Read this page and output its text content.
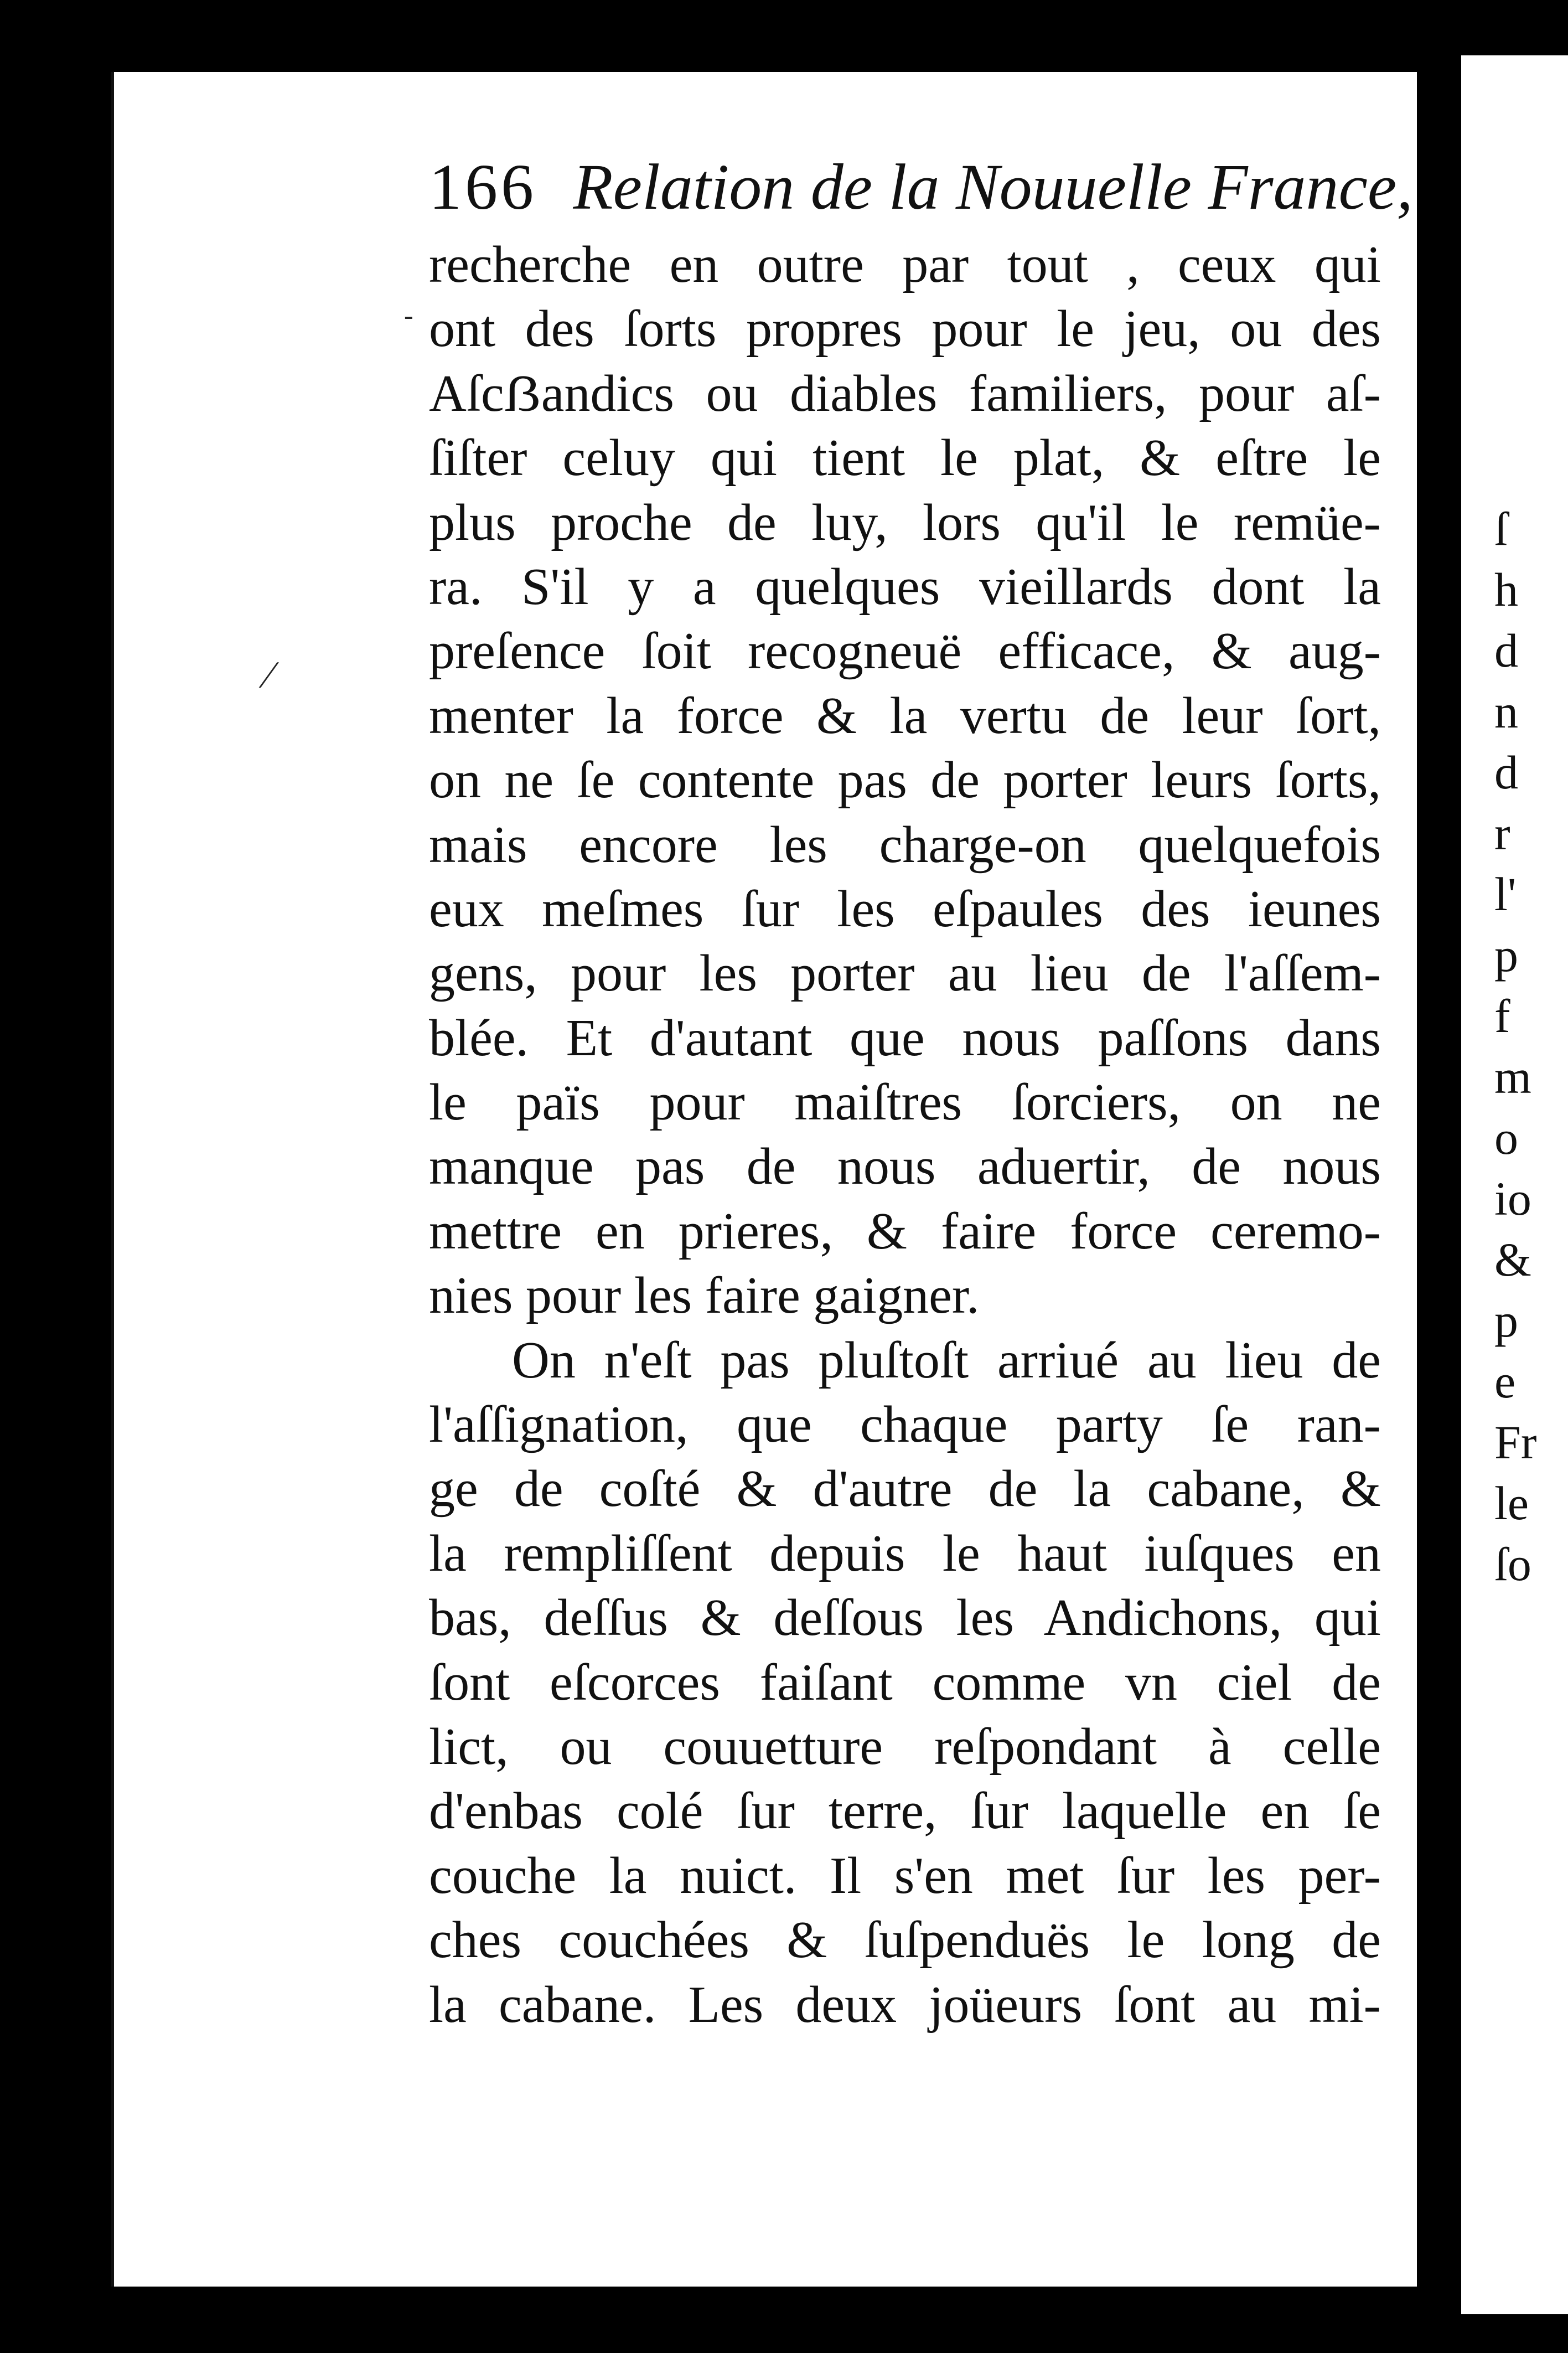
166 Relation de la Nouuelle France,
recherche en outre par tout , ceux qui
ont des ſorts propres pour le jeu, ou des
Aſcẞandics ou diables familiers, pour aſ-
ſiſter celuy qui tient le plat, & eſtre le
plus proche de luy, lors qu'il le remüe-
ra. S'il y a quelques vieillards dont la
preſence ſoit recogneuë efficace, & aug-
menter la force & la vertu de leur ſort,
on ne ſe contente pas de porter leurs ſorts,
mais encore les charge-on quelquefois
eux meſmes ſur les eſpaules des ieunes
gens, pour les porter au lieu de l'aſſem-
blée. Et d'autant que nous paſſons dans
le païs pour maiſtres ſorciers, on ne
manque pas de nous aduertir, de nous
mettre en prieres, & faire force ceremo-
nies pour les faire gaigner.
On n'eſt pas pluſtoſt arriué au lieu de
l'aſſignation, que chaque party ſe ran-
ge de coſté & d'autre de la cabane, &
la rempliſſent depuis le haut iuſques en
bas, deſſus & deſſous les Andichons, qui
ſont eſcorces faiſant comme vn ciel de
lict, ou couuetture reſpondant à celle
d'enbas colé ſur terre, ſur laquelle en ſe
couche la nuict. Il s'en met ſur les per-
ches couchées & ſuſpenduës le long de
la cabane. Les deux joüeurs ſont au mi-
⁄
-
ſ
h
d
n
d
r
l'
p
f
m
o
io
&
p
e
Fr
le
ſo
